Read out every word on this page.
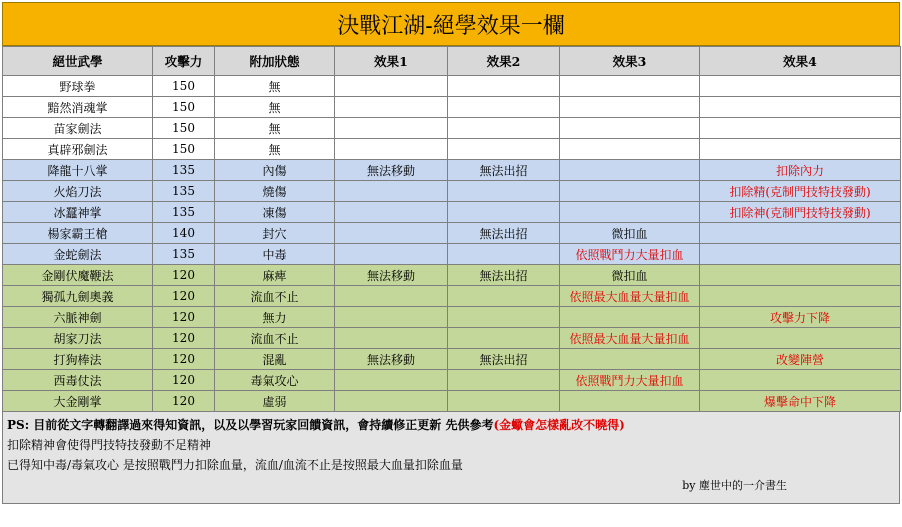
決戰江湖-絕學效果一欄
絕世武學	攻擊力	附加狀態	效果1	效果2	效果3	效果4
野球拳	150	無				
黯然消魂掌	150	無				
苗家劍法	150	無				
真辟邪劍法	150	無				
降龍十八掌	135	內傷	無法移動	無法出招		扣除內力
火焰刀法	135	燒傷				扣除精(克制門技特技發動)
冰蠶神掌	135	凍傷				扣除神(克制門技特技發動)
楊家霸王槍	140	封穴		無法出招	微扣血	
金蛇劍法	135	中毒			依照戰鬥力大量扣血	
金剛伏魔鞭法	120	麻痺	無法移動	無法出招	微扣血	
獨孤九劍奧義	120	流血不止			依照最大血量大量扣血	
六脈神劍	120	無力				攻擊力下降
胡家刀法	120	流血不止			依照最大血量大量扣血	
打狗棒法	120	混亂	無法移動	無法出招		改變陣營
西毒仗法	120	毒氣攻心			依照戰鬥力大量扣血	
大金剛掌	120	虛弱				爆擊命中下降
PS: 目前從文字轉翻譯過來得知資訊，以及以學習玩家回饋資訊，會持續修正更新 先供參考(金蠍會怎樣亂改不曉得)
扣除精神會使得門技特技發動不足精神
已得知中毒/毒氣攻心 是按照戰鬥力扣除血量，流血/血流不止是按照最大血量扣除血量
by 塵世中的一介書生
